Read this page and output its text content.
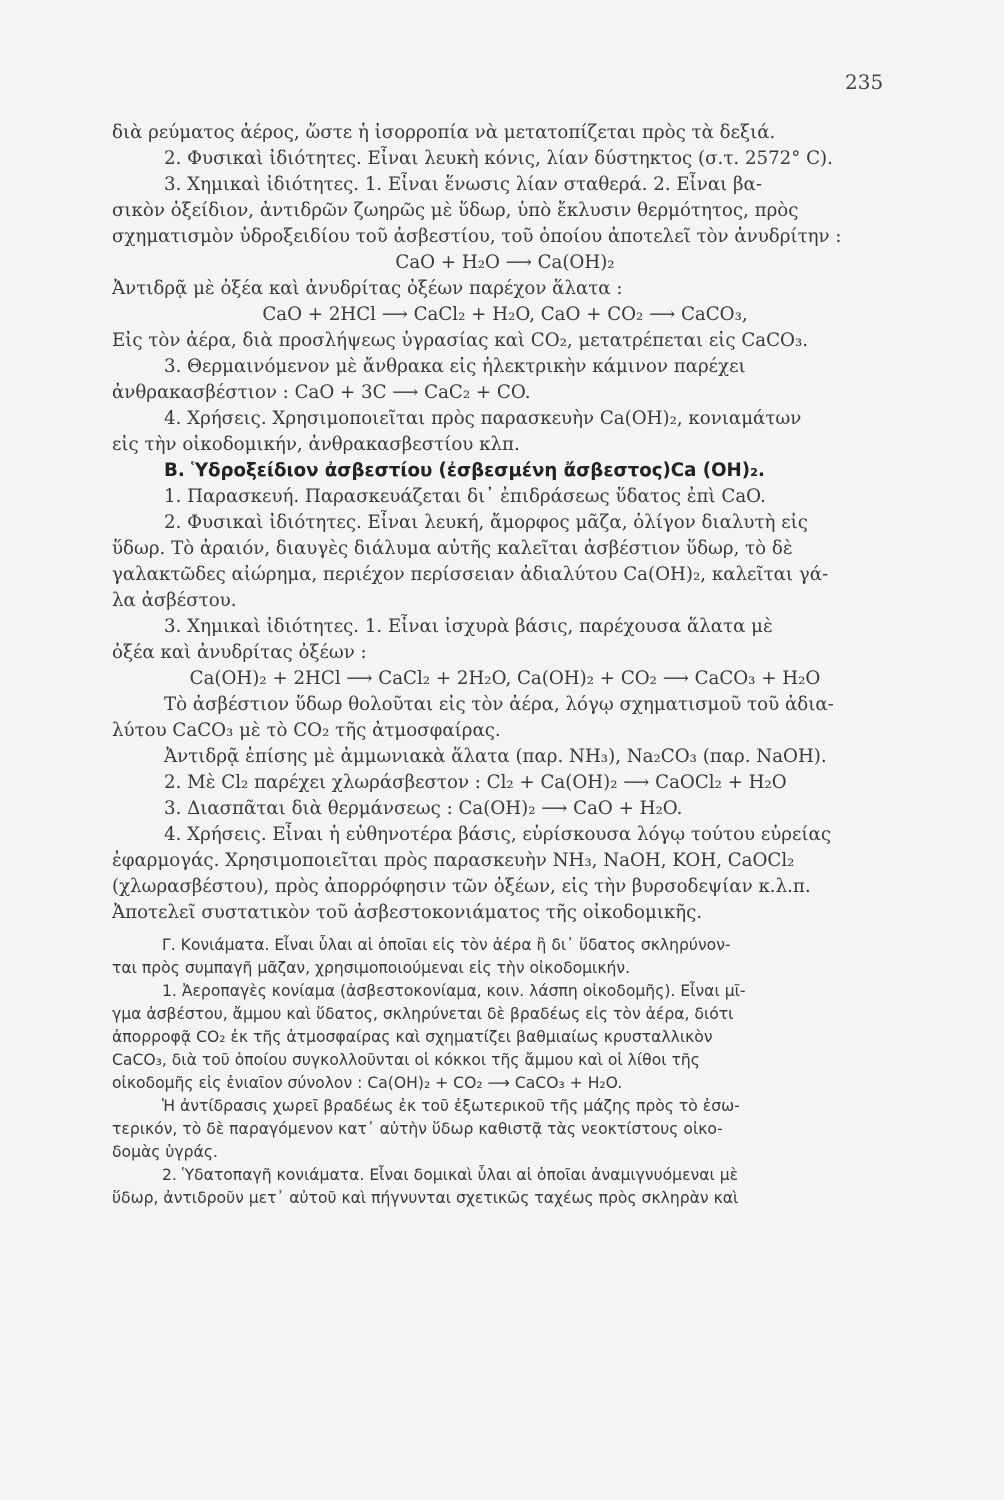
235
διὰ ρεύματος ἀέρος, ὥστε ἡ ἰσορροπία νὰ μετατοπίζεται πρὸς τὰ δεξιά.
2. Φυσικαὶ ἰδιότητες. Εἶναι λευκὴ κόνις, λίαν δύστηκτος (σ.τ. 2572° C).
3. Χημικαὶ ἰδιότητες. 1. Εἶναι ἕνωσις λίαν σταθερά. 2. Εἶναι βα-
σικὸν ὀξείδιον, ἀντιδρῶν ζωηρῶς μὲ ὕδωρ, ὑπὸ ἔκλυσιν θερμότητος, πρὸς
σχηματισμὸν ὑδροξειδίου τοῦ ἀσβεστίου, τοῦ ὁποίου ἀποτελεῖ τὸν ἀνυδρίτην :
CaO + H₂O ⟶ Ca(OH)₂
Ἀντιδρᾷ μὲ ὀξέα καὶ ἀνυδρίτας ὀξέων παρέχον ἅλατα :
CaO + 2HCl ⟶ CaCl₂ + H₂O, CaO + CO₂ ⟶ CaCO₃,
Εἰς τὸν ἀέρα, διὰ προσλήψεως ὑγρασίας καὶ CO₂, μετατρέπεται εἰς CaCO₃.
3. Θερμαινόμενον μὲ ἄνθρακα εἰς ἠλεκτρικὴν κάμινον παρέχει
ἀνθρακασβέστιον : CaO + 3C ⟶ CaC₂ + CO.
4. Χρήσεις. Χρησιμοποιεῖται πρὸς παρασκευὴν Ca(OH)₂, κονιαμάτων
εἰς τὴν οἰκοδομικήν, ἀνθρακασβεστίου κλπ.
B. Ὑδροξείδιον ἀσβεστίου (ἐσβεσμένη ἄσβεστος)Ca (OH)₂.
1. Παρασκευή. Παρασκευάζεται δι᾽ ἐπιδράσεως ὕδατος ἐπὶ CaO.
2. Φυσικαὶ ἰδιότητες. Εἶναι λευκή, ἄμορφος μᾶζα, ὀλίγον διαλυτὴ εἰς
ὕδωρ. Τὸ ἀραιόν, διαυγὲς διάλυμα αὐτῆς καλεῖται ἀσβέστιον ὕδωρ, τὸ δὲ
γαλακτῶδες αἰώρημα, περιέχον περίσσειαν ἀδιαλύτου Ca(OH)₂, καλεῖται γά-
λα ἀσβέστου.
3. Χημικαὶ ἰδιότητες. 1. Εἶναι ἰσχυρὰ βάσις, παρέχουσα ἅλατα μὲ
ὀξέα καὶ ἀνυδρίτας ὀξέων :
Ca(OH)₂ + 2HCl ⟶ CaCl₂ + 2H₂O, Ca(OH)₂ + CO₂ ⟶ CaCO₃ + H₂O
Τὸ ἀσβέστιον ὕδωρ θολοῦται εἰς τὸν ἀέρα, λόγῳ σχηματισμοῦ τοῦ ἀδια-
λύτου CaCO₃ μὲ τὸ CO₂ τῆς ἀτμοσφαίρας.
Ἀντιδρᾷ ἐπίσης μὲ ἀμμωνιακὰ ἅλατα (παρ. NH₃), Na₂CO₃ (παρ. NaOH).
2. Μὲ Cl₂ παρέχει χλωράσβεστον : Cl₂ + Ca(OH)₂ ⟶ CaOCl₂ + H₂O
3. Διασπᾶται διὰ θερμάνσεως : Ca(OH)₂ ⟶ CaO + H₂O.
4. Χρήσεις. Εἶναι ἡ εὐθηνοτέρα βάσις, εὑρίσκουσα λόγῳ τούτου εὐρείας
ἐφαρμογάς. Χρησιμοποιεῖται πρὸς παρασκευὴν NH₃, NaOH, KOH, CaOCl₂
(χλωρασβέστου), πρὸς ἀπορρόφησιν τῶν ὀξέων, εἰς τὴν βυρσοδεψίαν κ.λ.π.
Ἀποτελεῖ συστατικὸν τοῦ ἀσβεστοκονιάματος τῆς οἰκοδομικῆς.
Γ. Κονιάματα. Εἶναι ὗλαι αἱ ὁποῖαι εἰς τὸν ἀέρα ἢ δι᾽ ὕδατος σκληρύνον-
ται πρὸς συμπαγῆ μᾶζαν, χρησιμοποιούμεναι εἰς τὴν οἰκοδομικήν.
1. Ἀεροπαγὲς κονίαμα (ἀσβεστοκονίαμα, κοιν. λάσπη οἰκοδομῆς). Εἶναι μῖ-
γμα ἀσβέστου, ἄμμου καὶ ὕδατος, σκληρύνεται δὲ βραδέως εἰς τὸν ἀέρα, διότι
ἀπορροφᾷ CO₂ ἐκ τῆς ἀτμοσφαίρας καὶ σχηματίζει βαθμιαίως κρυσταλλικὸν
CaCO₃, διὰ τοῦ ὁποίου συγκολλοῦνται οἱ κόκκοι τῆς ἄμμου καὶ οἱ λίθοι τῆς
οἰκοδομῆς εἰς ἑνιαῖον σύνολον : Ca(OH)₂ + CO₂ ⟶ CaCO₃ + H₂O.
Ἡ ἀντίδρασις χωρεῖ βραδέως ἐκ τοῦ ἐξωτερικοῦ τῆς μάζης πρὸς τὸ ἐσω-
τερικόν, τὸ δὲ παραγόμενον κατ᾽ αὐτὴν ὕδωρ καθιστᾷ τὰς νεοκτίστους οἰκο-
δομὰς ὑγράς.
2. Ὑδατοπαγῆ κονιάματα. Εἶναι δομικαὶ ὗλαι αἱ ὁποῖαι ἀναμιγνυόμεναι μὲ
ὕδωρ, ἀντιδροῦν μετ᾽ αὐτοῦ καὶ πήγνυνται σχετικῶς ταχέως πρὸς σκληρὰν καὶ
